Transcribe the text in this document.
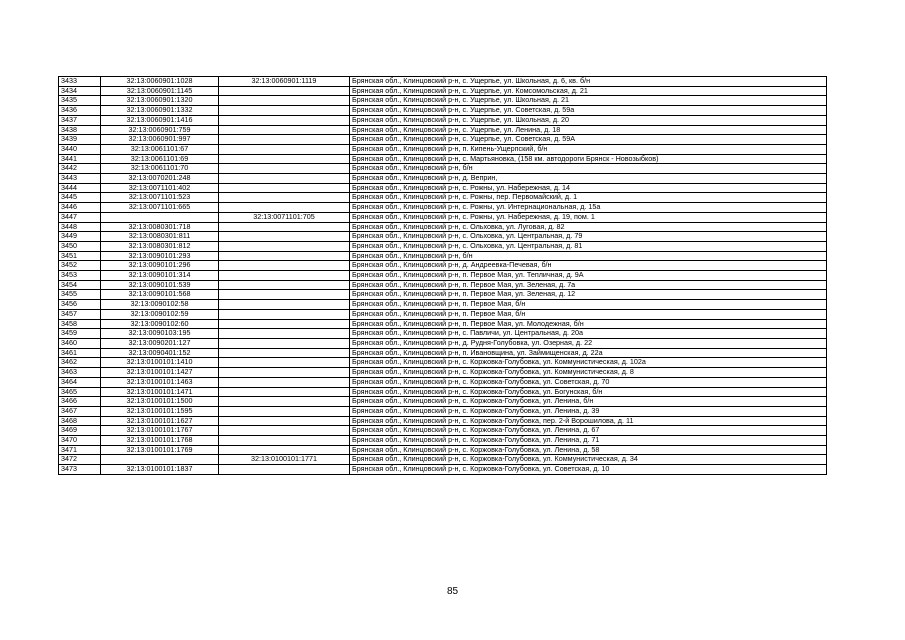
3433	32:13:0060901:1028	32:13:0060901:1119	Брянская обл., Клинцовский р-н, с. Ущерпье, ул. Школьная, д. 6, кв. б/н
3434	32:13:0060901:1145		Брянская обл., Клинцовский р-н, с. Ущерпье, ул. Комсомольская, д. 21
3435	32:13:0060901:1320		Брянская обл., Клинцовский р-н, с. Ущерпье, ул. Школьная, д. 21
3436	32:13:0060901:1332		Брянская обл., Клинцовский р-н, с. Ущерпье, ул. Советская, д. 59а
3437	32:13:0060901:1416		Брянская обл., Клинцовский р-н, с. Ущерпье, ул. Школьная, д. 20
3438	32:13:0060901:759		Брянская обл., Клинцовский р-н, с. Ущерпье, ул. Ленина, д. 18
3439	32:13:0060901:997		Брянская обл., Клинцовский р-н, с. Ущерпье, ул. Советская, д. 59А
3440	32:13:0061101:67		Брянская обл., Клинцовский р-н, п. Кипень-Ущерпский, б/н
3441	32:13:0061101:69		Брянская обл., Клинцовский р-н, с. Мартьяновка, (158 км. автодороги Брянск - Новозыбков)
3442	32:13:0061101:70		Брянская обл., Клинцовский р-н, б/н
3443	32:13:0070201:248		Брянская обл., Клинцовский р-н, д. Веприн,
3444	32:13:0071101:402		Брянская обл., Клинцовский р-н, с. Рожны, ул. Набережная, д. 14
3445	32:13:0071101:523		Брянская обл., Клинцовский р-н, с. Рожны, пер. Первомайский, д. 1
3446	32:13:0071101:665		Брянская обл., Клинцовский р-н, с. Рожны, ул. Интернациональная, д. 15а
3447		32:13:0071101:705	Брянская обл., Клинцовский р-н, с. Рожны, ул. Набережная, д. 19, пом. 1
3448	32:13:0080301:718		Брянская обл., Клинцовский р-н, с. Ольховка, ул. Луговая, д. 82
3449	32:13:0080301:811		Брянская обл., Клинцовский р-н, с. Ольховка, ул. Центральная, д. 79
3450	32:13:0080301:812		Брянская обл., Клинцовский р-н, с. Ольховка, ул. Центральная, д. 81
3451	32:13:0090101:293		Брянская обл., Клинцовский р-н, б/н
3452	32:13:0090101:296		Брянская обл., Клинцовский р-н, д. Андреевка-Печевая, б/н
3453	32:13:0090101:314		Брянская обл., Клинцовский р-н, п. Первое Мая, ул. Тепличная, д. 9А
3454	32:13:0090101:539		Брянская обл., Клинцовский р-н, п. Первое Мая, ул. Зеленая, д. 7а
3455	32:13:0090101:568		Брянская обл., Клинцовский р-н, п. Первое Мая, ул. Зеленая, д. 12
3456	32:13:0090102:58		Брянская обл., Клинцовский р-н, п. Первое Мая, б/н
3457	32:13:0090102:59		Брянская обл., Клинцовский р-н, п. Первое Мая, б/н
3458	32:13:0090102:60		Брянская обл., Клинцовский р-н, п. Первое Мая, ул. Молодежная, б/н
3459	32:13:0090103:195		Брянская обл., Клинцовский р-н, с. Павличи, ул. Центральная, д. 20а
3460	32:13:0090201:127		Брянская обл., Клинцовский р-н, д. Рудня-Голубовка, ул. Озерная, д. 22
3461	32:13:0090401:152		Брянская обл., Клинцовский р-н, п. Ивановщина, ул. Займищенская, д. 22а
3462	32:13:0100101:1410		Брянская обл., Клинцовский р-н, с. Коржовка-Голубовка, ул. Коммунистическая, д. 102а
3463	32:13:0100101:1427		Брянская обл., Клинцовский р-н, с. Коржовка-Голубовка, ул. Коммунистическая, д. 8
3464	32:13:0100101:1463		Брянская обл., Клинцовский р-н, с. Коржовка-Голубовка, ул. Советская, д. 70
3465	32:13:0100101:1471		Брянская обл., Клинцовский р-н, с. Коржовка-Голубовка, ул. Богунская, б/н
3466	32:13:0100101:1500		Брянская обл., Клинцовский р-н, с. Коржовка-Голубовка, ул. Ленина, б/н
3467	32:13:0100101:1595		Брянская обл., Клинцовский р-н, с. Коржовка-Голубовка, ул. Ленина, д. 39
3468	32:13:0100101:1627		Брянская обл., Клинцовский р-н, с. Коржовка-Голубовка, пер. 2-й Ворошилова, д. 11
3469	32:13:0100101:1767		Брянская обл., Клинцовский р-н, с. Коржовка-Голубовка, ул. Ленина, д. 67
3470	32:13:0100101:1768		Брянская обл., Клинцовский р-н, с. Коржовка-Голубовка, ул. Ленина, д. 71
3471	32:13:0100101:1769		Брянская обл., Клинцовский р-н, с. Коржовка-Голубовка, ул. Ленина, д. 58
3472		32:13:0100101:1771	Брянская обл., Клинцовский р-н, с. Коржовка-Голубовка, ул. Коммунистическая, д. 34
3473	32:13:0100101:1837		Брянская обл., Клинцовский р-н, с. Коржовка-Голубовка, ул. Советская, д. 10
85
